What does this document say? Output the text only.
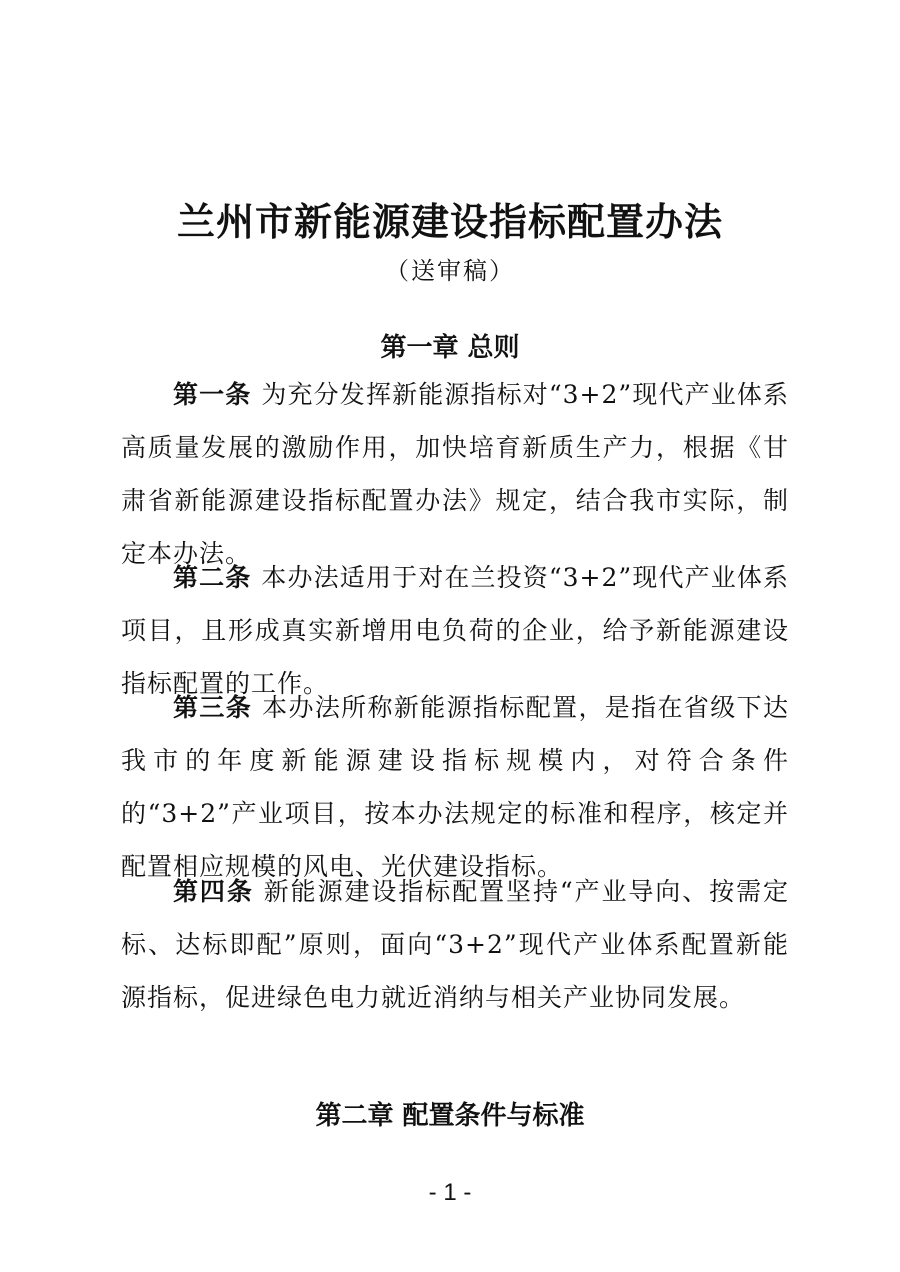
兰州市新能源建设指标配置办法
（送审稿）
第一章 总则
第一条 为充分发挥新能源指标对“3+2”现代产业体系高质量发展的激励作用，加快培育新质生产力，根据《甘肃省新能源建设指标配置办法》规定，结合我市实际，制定本办法。
第二条 本办法适用于对在兰投资“3+2”现代产业体系项目，且形成真实新增用电负荷的企业，给予新能源建设指标配置的工作。
第三条 本办法所称新能源指标配置，是指在省级下达我市的年度新能源建设指标规模内，对符合条件的“3+2”产业项目，按本办法规定的标准和程序，核定并配置相应规模的风电、光伏建设指标。
第四条 新能源建设指标配置坚持“产业导向、按需定标、达标即配”原则，面向“3+2”现代产业体系配置新能源指标，促进绿色电力就近消纳与相关产业协同发展。
第二章 配置条件与标准
- 1 -
